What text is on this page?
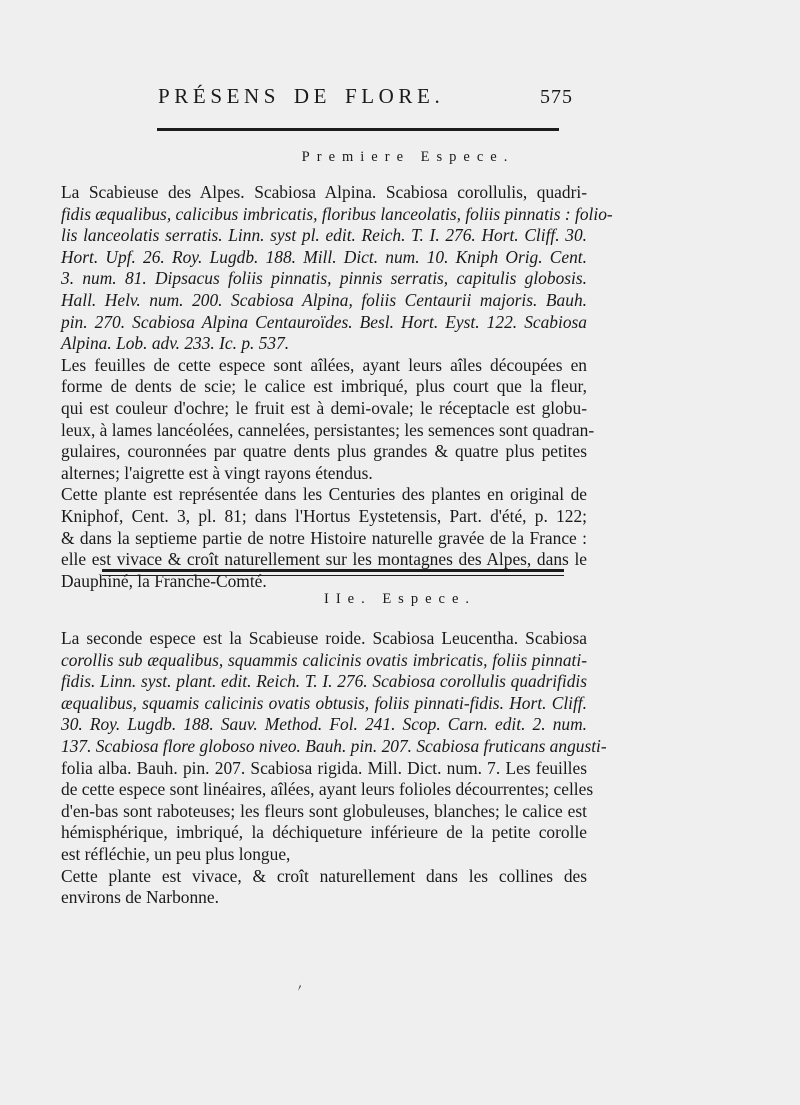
PRÉSENS DE FLORE.	575
Premiere Espece.
La Scabieuse des Alpes. Scabiosa Alpina. Scabiosa corollulis, quadri-
fidis æqualibus, calicibus imbricatis, floribus lanceolatis, foliis pinnatis : folio-
lis lanceolatis serratis. Linn. syst pl. edit. Reich. T. I. 276. Hort. Cliff. 30.
Hort. Upf. 26. Roy. Lugdb. 188. Mill. Dict. num. 10. Kniph Orig. Cent.
3. num. 81. Dipsacus foliis pinnatis, pinnis serratis, capitulis globosis.
Hall. Helv. num. 200. Scabiosa Alpina, foliis Centaurii majoris. Bauh.
pin. 270. Scabiosa Alpina Centauroïdes. Besl. Hort. Eyst. 122. Scabiosa
Alpina. Lob. adv. 233. Ic. p. 537.
Les feuilles de cette espece sont aîlées, ayant leurs aîles découpées en
forme de dents de scie; le calice est imbriqué, plus court que la fleur,
qui est couleur d'ochre; le fruit est à demi-ovale; le réceptacle est globu-
leux, à lames lancéolées, cannelées, persistantes; les semences sont quadran-
gulaires, couronnées par quatre dents plus grandes & quatre plus petites
alternes; l'aigrette est à vingt rayons étendus.
Cette plante est représentée dans les Centuries des plantes en original de
Kniphof, Cent. 3, pl. 81; dans l'Hortus Eystetensis, Part. d'été, p. 122;
& dans la septieme partie de notre Histoire naturelle gravée de la France :
elle est vivace & croît naturellement sur les montagnes des Alpes, dans le
Dauphiné, la Franche-Comté.
IIe. Espece.
La seconde espece est la Scabieuse roide. Scabiosa Leucentha. Scabiosa
corollis sub æqualibus, squammis calicinis ovatis imbricatis, foliis pinnati-
fidis. Linn. syst. plant. edit. Reich. T. I. 276. Scabiosa corollulis quadrifidis
æqualibus, squamis calicinis ovatis obtusis, foliis pinnati-fidis. Hort. Cliff.
30. Roy. Lugdb. 188. Sauv. Method. Fol. 241. Scop. Carn. edit. 2. num.
137. Scabiosa flore globoso niveo. Bauh. pin. 207. Scabiosa fruticans angusti-
folia alba. Bauh. pin. 207. Scabiosa rigida. Mill. Dict. num. 7. Les feuilles
de cette espece sont linéaires, aîlées, ayant leurs folioles décourrentes; celles
d'en-bas sont raboteuses; les fleurs sont globuleuses, blanches; le calice est
hémisphérique, imbriqué, la déchiqueture inférieure de la petite corolle
est réfléchie, un peu plus longue,
Cette plante est vivace, & croît naturellement dans les collines des
environs de Narbonne.
